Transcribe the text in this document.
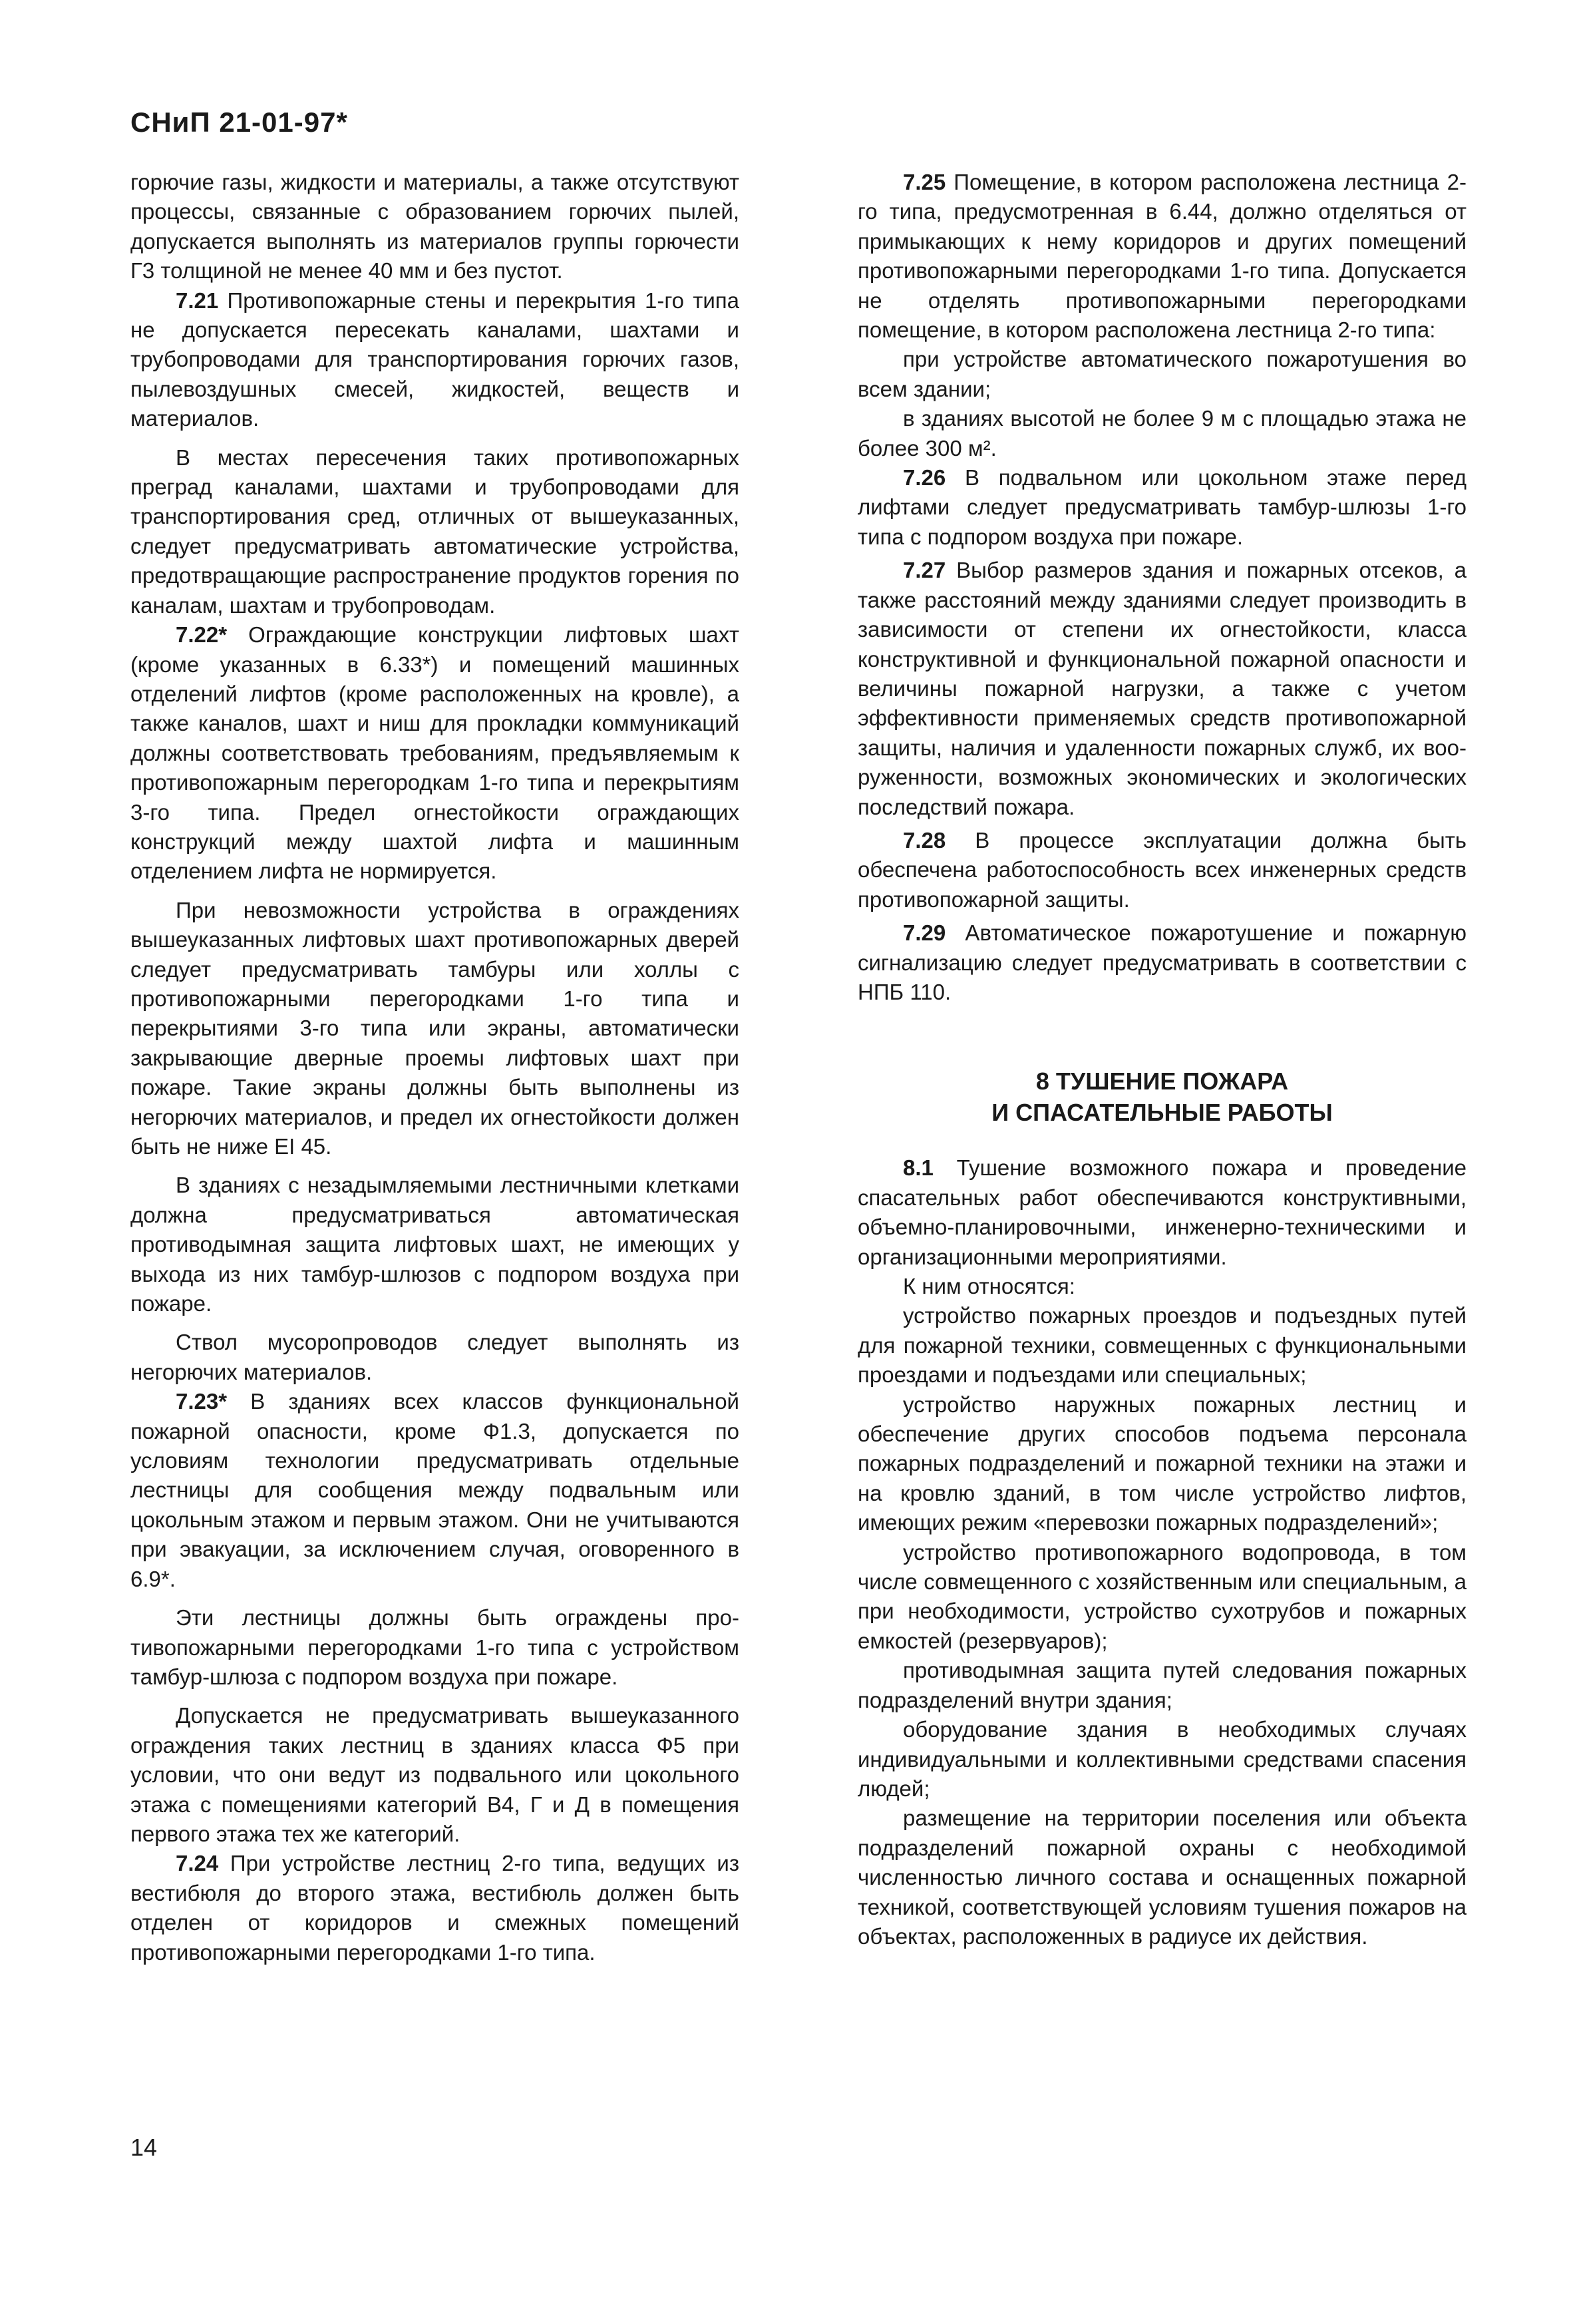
СНиП 21-01-97*

горючие газы, жидкости и материалы, а также отсутствуют процессы, связанные с образованием горючих пылей, допускается выполнять из материалов группы горючести Г3 толщиной не менее 40 мм и без пустот.

7.21 Противопожарные стены и перекрытия 1-го типа не допускается пересекать каналами, шахтами и трубопроводами для транспортирования горючих газов, пылевоздушных смесей, жидкостей, веществ и материалов.

В местах пересечения таких противопожарных преград каналами, шахтами и трубопроводами для транспортирования сред, отличных от вышеуказанных, следует предусматривать автоматические устройства, предотвращающие распространение продуктов горения по каналам, шахтам и трубопроводам.

7.22* Ограждающие конструкции лифтовых шахт (кроме указанных в 6.33*) и помещений машинных отделений лифтов (кроме расположенных на кровле), а также каналов, шахт и ниш для прокладки коммуникаций должны соответствовать требованиям, предъявляемым к противопожарным перегородкам 1-го типа и перекрытиям 3-го типа. Предел огнестойкости ограждающих конструкций между шахтой лифта и машинным отделением лифта не нормируется.

При невозможности устройства в ограждениях вышеуказанных лифтовых шахт противопожарных дверей следует предусматривать тамбуры или холлы с противопожарными перегородками 1-го типа и перекрытиями 3-го типа или экраны, автоматически закрывающие дверные проемы лифтовых шахт при пожаре. Такие экраны должны быть выполнены из негорючих материалов, и предел их огнестойкости должен быть не ниже EI 45.

В зданиях с незадымляемыми лестничными клетками должна предусматриваться автоматическая противодымная защита лифтовых шахт, не имеющих у выхода из них тамбур-шлюзов с подпором воздуха при пожаре.

Ствол мусоропроводов следует выполнять из негорючих материалов.

7.23* В зданиях всех классов функциональной пожарной опасности, кроме Ф1.3, допускается по условиям технологии предусматривать отдельные лестницы для сообщения между подвальным или цокольным этажом и первым этажом. Они не учитываются при эвакуации, за исключением случая, оговоренного в 6.9*.

Эти лестницы должны быть ограждены противопожарными перегородками 1-го типа с устройством тамбур-шлюза с подпором воздуха при пожаре.

Допускается не предусматривать вышеуказанного ограждения таких лестниц в зданиях класса Ф5 при условии, что они ведут из подвального или цокольного этажа с помещениями категорий В4, Г и Д в помещения первого этажа тех же категорий.

7.24 При устройстве лестниц 2-го типа, ведущих из вестибюля до второго этажа, вестибюль должен быть отделен от коридоров и смежных помещений противопожарными перегородками 1-го типа.

7.25 Помещение, в котором расположена лестница 2-го типа, предусмотренная в 6.44, должно отделяться от примыкающих к нему коридоров и других помещений противопожарными перегородками 1-го типа. Допускается не отделять противопожарными перегородками помещение, в котором расположена лестница 2-го типа:

при устройстве автоматического пожаротушения во всем здании;

в зданиях высотой не более 9 м с площадью этажа не более 300 м².

7.26 В подвальном или цокольном этаже перед лифтами следует предусматривать тамбур-шлюзы 1-го типа с подпором воздуха при пожаре.

7.27 Выбор размеров здания и пожарных отсеков, а также расстояний между зданиями следует производить в зависимости от степени их огнестойкости, класса конструктивной и функциональной пожарной опасности и величины пожарной нагрузки, а также с учетом эффективности применяемых средств противопожарной защиты, наличия и удаленности пожарных служб, их вооруженности, возможных экономических и экологических последствий пожара.

7.28 В процессе эксплуатации должна быть обеспечена работоспособность всех инженерных средств противопожарной защиты.

7.29 Автоматическое пожаротушение и пожарную сигнализацию следует предусматривать в соответствии с НПБ 110.

8 ТУШЕНИЕ ПОЖАРА
И СПАСАТЕЛЬНЫЕ РАБОТЫ

8.1 Тушение возможного пожара и проведение спасательных работ обеспечиваются конструктивными, объемно-планировочными, инженерно-техническими и организационными мероприятиями.

К ним относятся:

устройство пожарных проездов и подъездных путей для пожарной техники, совмещенных с функциональными проездами и подъездами или специальных;

устройство наружных пожарных лестниц и обеспечение других способов подъема персонала пожарных подразделений и пожарной техники на этажи и на кровлю зданий, в том числе устройство лифтов, имеющих режим «перевозки пожарных подразделений»;

устройство противопожарного водопровода, в том числе совмещенного с хозяйственным или специальным, а при необходимости, устройство сухотрубов и пожарных емкостей (резервуаров);

противодымная защита путей следования пожарных подразделений внутри здания;

оборудование здания в необходимых случаях индивидуальными и коллективными средствами спасения людей;

размещение на территории поселения или объекта подразделений пожарной охраны с необходимой численностью личного состава и оснащенных пожарной техникой, соответствующей условиям тушения пожаров на объектах, расположенных в радиусе их действия.

14
